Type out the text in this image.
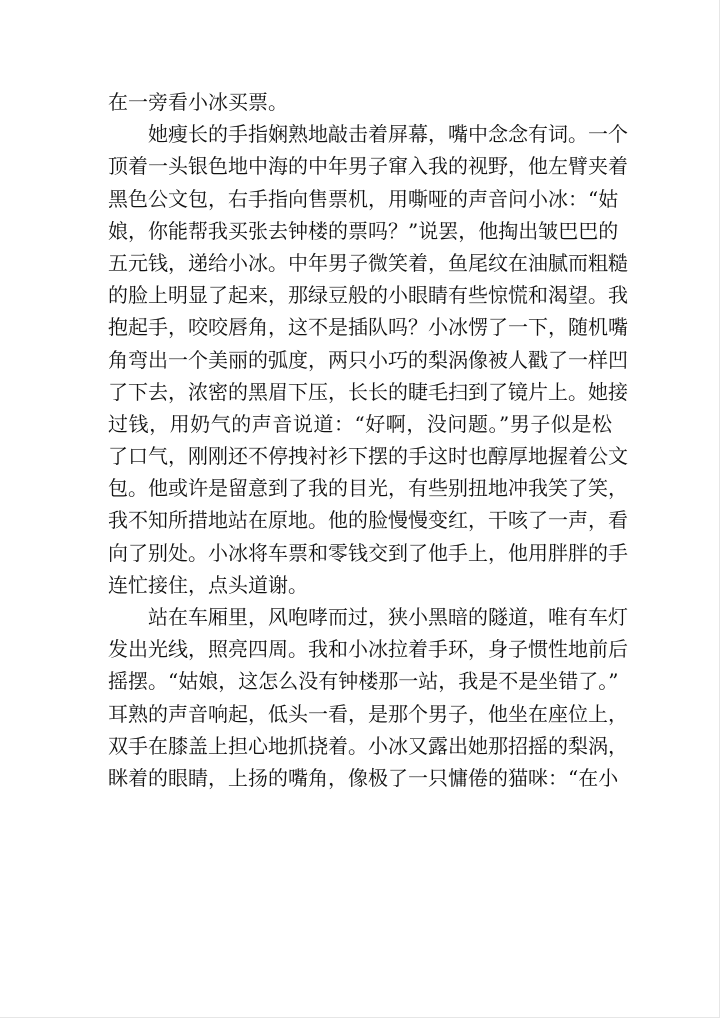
在一旁看小冰买票。
她瘦长的手指娴熟地敲击着屏幕，嘴中念念有词。一个
顶着一头银色地中海的中年男子窜入我的视野，他左臂夹着
黑色公文包，右手指向售票机，用嘶哑的声音问小冰：“姑
娘，你能帮我买张去钟楼的票吗？”说罢，他掏出皱巴巴的
五元钱，递给小冰。中年男子微笑着，鱼尾纹在油腻而粗糙
的脸上明显了起来，那绿豆般的小眼睛有些惊慌和渴望。我
抱起手，咬咬唇角，这不是插队吗？小冰愣了一下，随机嘴
角弯出一个美丽的弧度，两只小巧的梨涡像被人戳了一样凹
了下去，浓密的黑眉下压，长长的睫毛扫到了镜片上。她接
过钱，用奶气的声音说道：“好啊，没问题。”男子似是松
了口气，刚刚还不停拽衬衫下摆的手这时也醇厚地握着公文
包。他或许是留意到了我的目光，有些别扭地冲我笑了笑，
我不知所措地站在原地。他的脸慢慢变红，干咳了一声，看
向了别处。小冰将车票和零钱交到了他手上，他用胖胖的手
连忙接住，点头道谢。
站在车厢里，风咆哮而过，狭小黑暗的隧道，唯有车灯
发出光线，照亮四周。我和小冰拉着手环，身子惯性地前后
摇摆。“姑娘，这怎么没有钟楼那一站，我是不是坐错了。”
耳熟的声音响起，低头一看，是那个男子，他坐在座位上，
双手在膝盖上担心地抓挠着。小冰又露出她那招摇的梨涡，
眯着的眼睛，上扬的嘴角，像极了一只慵倦的猫咪：“在小
